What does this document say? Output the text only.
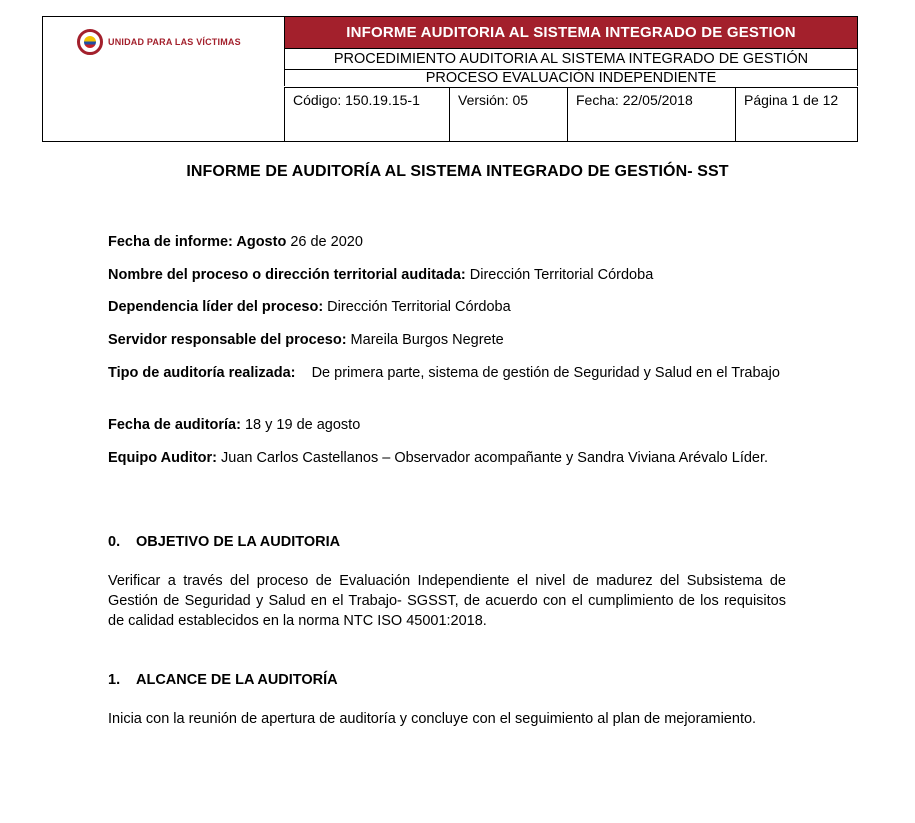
UNIDAD PARA LAS VÍCTIMAS
INFORME AUDITORIA AL SISTEMA INTEGRADO DE GESTION
PROCEDIMIENTO AUDITORIA AL SISTEMA INTEGRADO DE GESTIÓN
PROCESO EVALUACIÒN INDEPENDIENTE
Código: 150.19.15-1	Versión: 05	Fecha: 22/05/2018	Página 1 de 12
INFORME DE AUDITORÍA AL SISTEMA INTEGRADO DE GESTIÓN- SST

Fecha de informe: Agosto 26 de 2020

Nombre del proceso o dirección territorial auditada: Dirección Territorial Córdoba

Dependencia líder del proceso: Dirección Territorial Córdoba

Servidor responsable del proceso: Mareila Burgos Negrete

Tipo de auditoría realizada:    De primera parte, sistema de gestión de Seguridad y Salud en el Trabajo

Fecha de auditoría: 18 y 19 de agosto

Equipo Auditor: Juan Carlos Castellanos – Observador acompañante y Sandra Viviana Arévalo Líder.

0. OBJETIVO DE LA AUDITORIA
Verificar a través del proceso de Evaluación Independiente el nivel de madurez del Subsistema de Gestión de Seguridad y Salud en el Trabajo- SGSST, de acuerdo con el cumplimiento de los requisitos de calidad establecidos en la norma NTC ISO 45001:2018.
1. ALCANCE DE LA AUDITORÍA
Inicia con la reunión de apertura de auditoría y concluye con el seguimiento al plan de mejoramiento.
